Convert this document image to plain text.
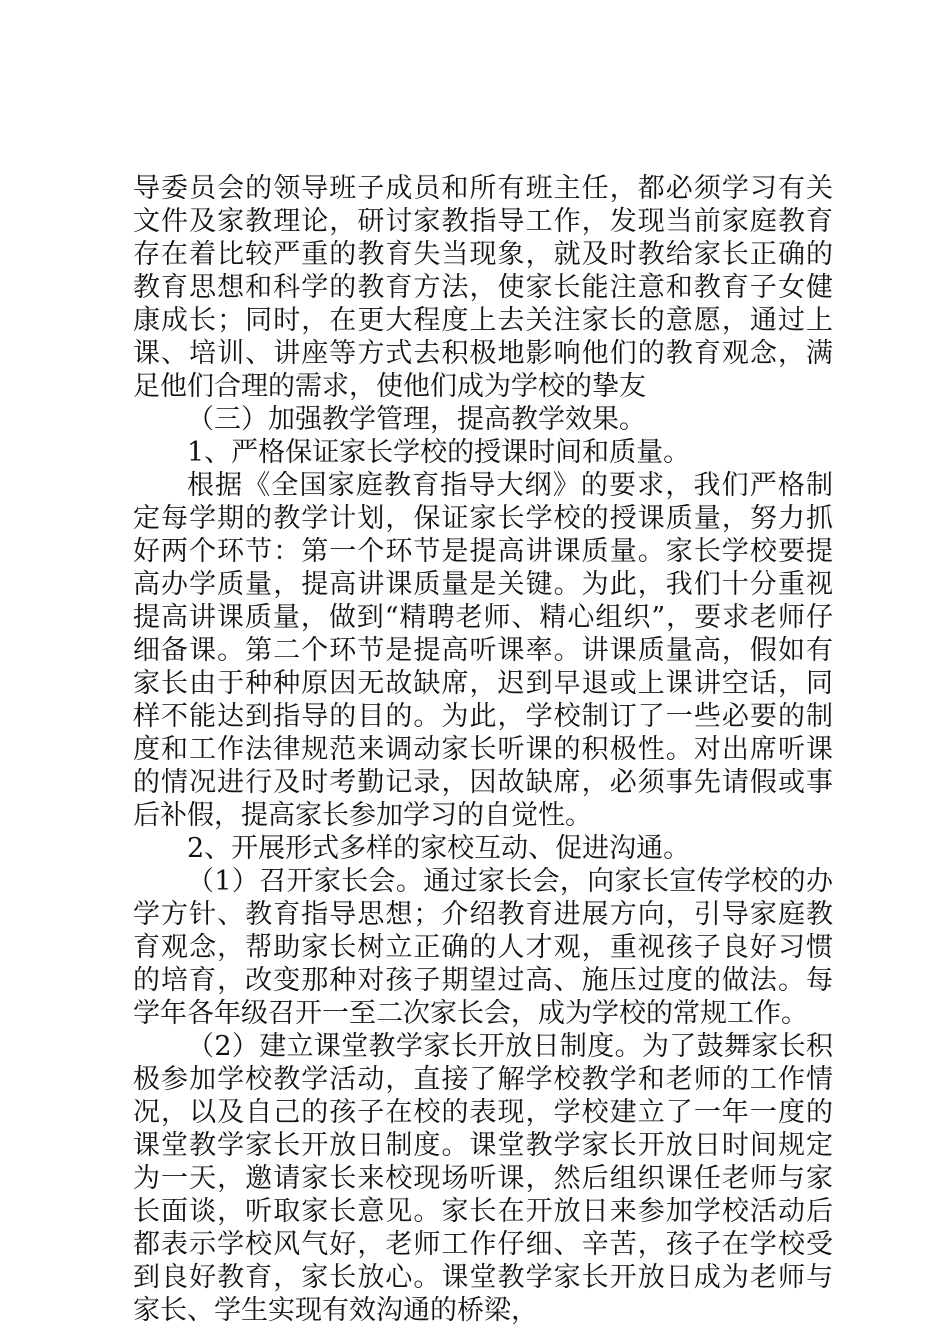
导委员会的领导班子成员和所有班主任，都必须学习有关文件及家教理论，研讨家教指导工作，发现当前家庭教育存在着比较严重的教育失当现象，就及时教给家长正确的教育思想和科学的教育方法，使家长能注意和教育子女健康成长；同时，在更大程度上去关注家长的意愿，通过上课、培训、讲座等方式去积极地影响他们的教育观念，满足他们合理的需求，使他们成为学校的挚友

（三）加强教学管理，提高教学效果。

1、严格保证家长学校的授课时间和质量。

根据《全国家庭教育指导大纲》的要求，我们严格制定每学期的教学计划，保证家长学校的授课质量，努力抓好两个环节：第一个环节是提高讲课质量。家长学校要提高办学质量，提高讲课质量是关键。为此，我们十分重视提高讲课质量，做到“精聘老师、精心组织”，要求老师仔细备课。第二个环节是提高听课率。讲课质量高，假如有家长由于种种原因无故缺席，迟到早退或上课讲空话，同样不能达到指导的目的。为此，学校制订了一些必要的制度和工作法律规范来调动家长听课的积极性。对出席听课的情况进行及时考勤记录，因故缺席，必须事先请假或事后补假，提高家长参加学习的自觉性。

2、开展形式多样的家校互动、促进沟通。

（1）召开家长会。通过家长会，向家长宣传学校的办学方针、教育指导思想；介绍教育进展方向，引导家庭教育观念，帮助家长树立正确的人才观，重视孩子良好习惯的培育，改变那种对孩子期望过高、施压过度的做法。每学年各年级召开一至二次家长会，成为学校的常规工作。

（2）建立课堂教学家长开放日制度。为了鼓舞家长积极参加学校教学活动，直接了解学校教学和老师的工作情况，以及自己的孩子在校的表现，学校建立了一年一度的课堂教学家长开放日制度。课堂教学家长开放日时间规定为一天，邀请家长来校现场听课，然后组织课任老师与家长面谈，听取家长意见。家长在开放日来参加学校活动后都表示学校风气好，老师工作仔细、辛苦，孩子在学校受到良好教育，家长放心。课堂教学家长开放日成为老师与家长、学生实现有效沟通的桥梁，
